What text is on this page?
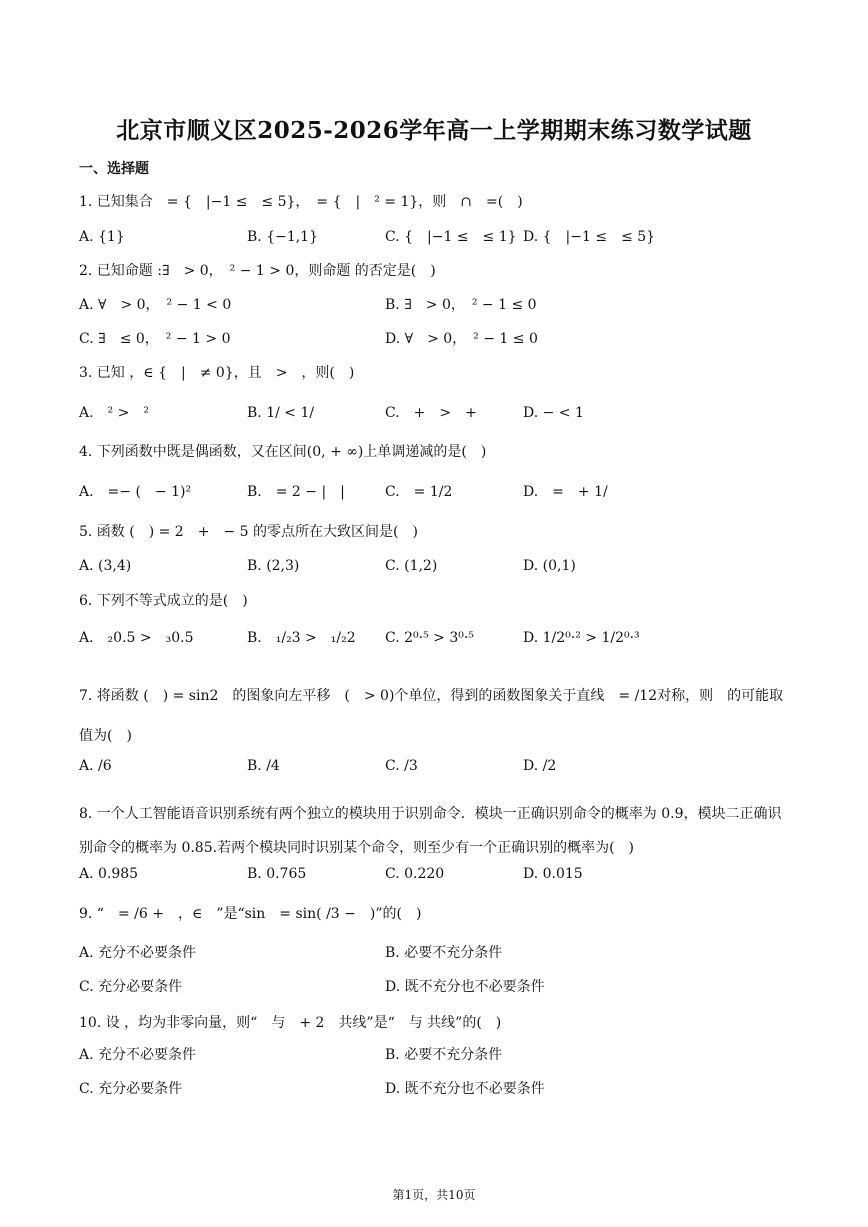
北京市顺义区2025-2026学年高一上学期期末练习数学试题
一、选择题
1. 已知集合　= {　|−1 ≤　≤ 5}，　= {　|　² = 1}，则　∩　=(　)
A. {1}	B. {−1,1}	C. {　|−1 ≤　≤ 1} D. {　|−1 ≤　≤ 5}
2. 已知命题 :∃　> 0，　² − 1 > 0，则命题 的否定是(　)
A. ∀　> 0，　² − 1 < 0	B. ∃　> 0，　² − 1 ≤ 0
C. ∃　≤ 0，　² − 1 > 0	D. ∀　> 0，　² − 1 ≤ 0
3. 已知 ，∈ {　|　≠ 0}，且　>　，则(　)
A.　² >　²	B. 1/ < 1/	C.　+　>　+	D. − < 1
4. 下列函数中既是偶函数，又在区间(0, + ∞)上单调递减的是(　)
A.　=− (　− 1)²	B.　= 2 − |　|	C.　= 1/2	D.　=　+ 1/
5. 函数 (　) = 2　+　− 5 的零点所在大致区间是(　)
A. (3,4)	B. (2,3)	C. (1,2)	D. (0,1)
6. 下列不等式成立的是(　)
A.　₂0.5 >　₃0.5	B.　₁/₂3 >　₁/₂2 C. 2⁰·⁵ > 3⁰·⁵	D. 1/2⁰·² > 1/2⁰·³
7. 将函数 (　) = sin2　的图象向左平移　(　> 0)个单位，得到的函数图象关于直线　= /12对称，则　的可能取值为(　)
A. /6	B. /4	C. /3	D. /2
8. 一个人工智能语音识别系统有两个独立的模块用于识别命令．模块一正确识别命令的概率为 0.9，模块二正确识别命令的概率为 0.85.若两个模块同时识别某个命令，则至少有一个正确识别的概率为(　)
A. 0.985	B. 0.765	C. 0.220	D. 0.015
9. “　= /6 +　，∈　”是“sin　= sin( /3 −　)”的(　)
A. 充分不必要条件	B. 必要不充分条件
C. 充分必要条件	D. 既不充分也不必要条件
10. 设 ，均为非零向量，则“　与　+ 2　共线”是“　与 共线”的(　)
A. 充分不必要条件	B. 必要不充分条件
C. 充分必要条件	D. 既不充分也不必要条件
第1页，共10页
